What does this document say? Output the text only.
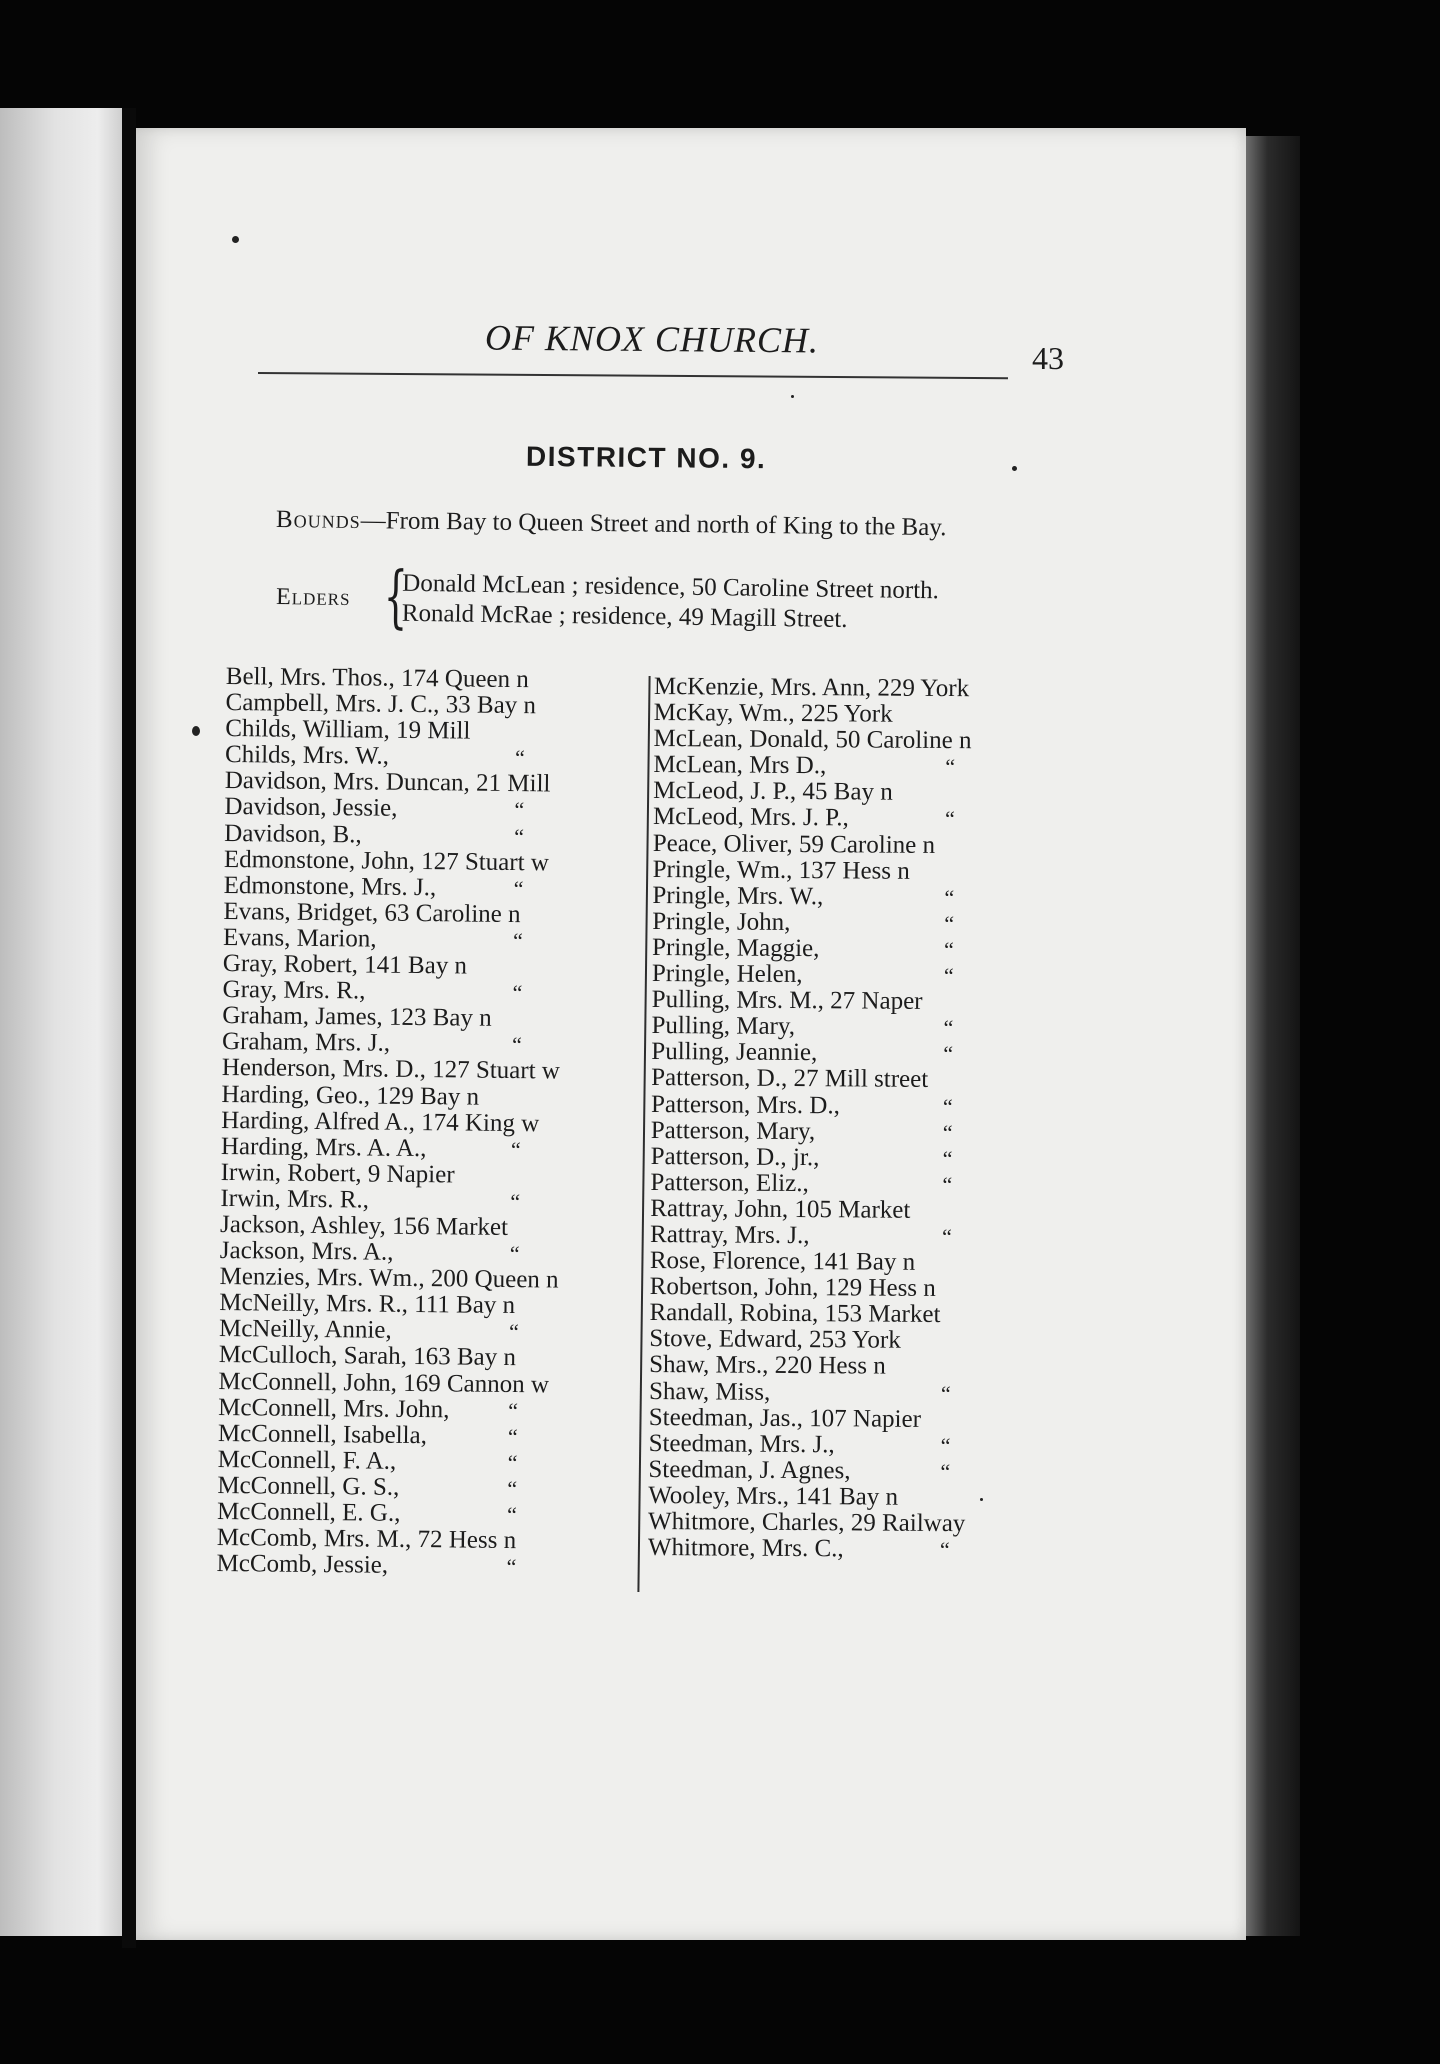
OF KNOX CHURCH.	43
DISTRICT NO. 9.
Bounds—From Bay to Queen Street and north of King to the Bay.
Elders {
Donald McLean ; residence, 50 Caroline Street north.
Ronald McRae ; residence, 49 Magill Street.
Bell, Mrs. Thos., 174 Queen n
Campbell, Mrs. J. C., 33 Bay n
Childs, William, 19 Mill
Childs, Mrs. W.,	“
Davidson, Mrs. Duncan, 21 Mill
Davidson, Jessie,	“
Davidson, B.,	“
Edmonstone, John, 127 Stuart w
Edmonstone, Mrs. J.,	“
Evans, Bridget, 63 Caroline n
Evans, Marion,	“
Gray, Robert, 141 Bay n
Gray, Mrs. R.,	“
Graham, James, 123 Bay n
Graham, Mrs. J.,	“
Henderson, Mrs. D., 127 Stuart w
Harding, Geo., 129 Bay n
Harding, Alfred A., 174 King w
Harding, Mrs. A. A.,	“
Irwin, Robert, 9 Napier
Irwin, Mrs. R.,	“
Jackson, Ashley, 156 Market
Jackson, Mrs. A.,	“
Menzies, Mrs. Wm., 200 Queen n
McNeilly, Mrs. R., 111 Bay n
McNeilly, Annie,	“
McCulloch, Sarah, 163 Bay n
McConnell, John, 169 Cannon w
McConnell, Mrs. John,	“
McConnell, Isabella,	“
McConnell, F. A.,	“
McConnell, G. S.,	“
McConnell, E. G.,	“
McComb, Mrs. M., 72 Hess n
McComb, Jessie,	“
McKenzie, Mrs. Ann, 229 York
McKay, Wm., 225 York
McLean, Donald, 50 Caroline n
McLean, Mrs D.,	“
McLeod, J. P., 45 Bay n
McLeod, Mrs. J. P.,	“
Peace, Oliver, 59 Caroline n
Pringle, Wm., 137 Hess n
Pringle, Mrs. W.,	“
Pringle, John,	“
Pringle, Maggie,	“
Pringle, Helen,	“
Pulling, Mrs. M., 27 Naper
Pulling, Mary,	“
Pulling, Jeannie,	“
Patterson, D., 27 Mill street
Patterson, Mrs. D.,	“
Patterson, Mary,	“
Patterson, D., jr.,	“
Patterson, Eliz.,	“
Rattray, John, 105 Market
Rattray, Mrs. J.,	“
Rose, Florence, 141 Bay n
Robertson, John, 129 Hess n
Randall, Robina, 153 Market
Stove, Edward, 253 York
Shaw, Mrs., 220 Hess n
Shaw, Miss,	“
Steedman, Jas., 107 Napier
Steedman, Mrs. J.,	“
Steedman, J. Agnes,	“
Wooley, Mrs., 141 Bay n
Whitmore, Charles, 29 Railway
Whitmore, Mrs. C.,	“
